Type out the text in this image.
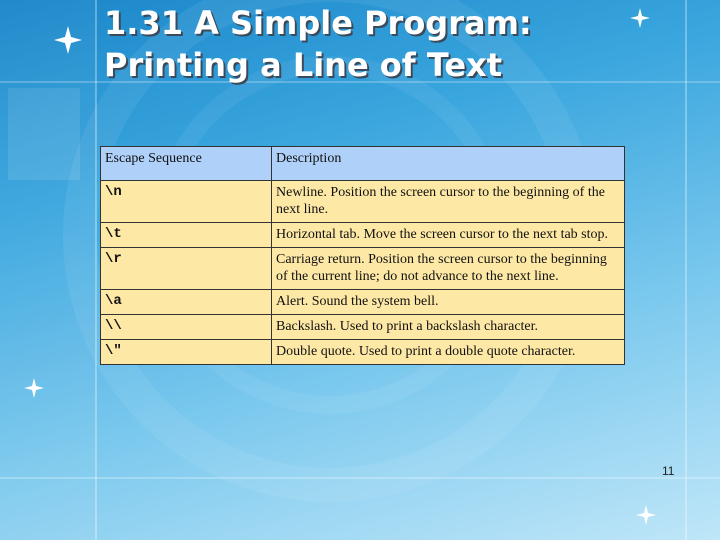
1.31 A Simple Program:
Printing a Line of Text
Escape Sequence	Description
\n	Newline. Position the screen cursor to the beginning of the next line.
\t	Horizontal tab. Move the screen cursor to the next tab stop.
\r	Carriage return. Position the screen cursor to the beginning of the current line; do not advance to the next line.
\a	Alert. Sound the system bell.
\\	Backslash. Used to print a backslash character.
\"	Double quote. Used to print a double quote character.
11
